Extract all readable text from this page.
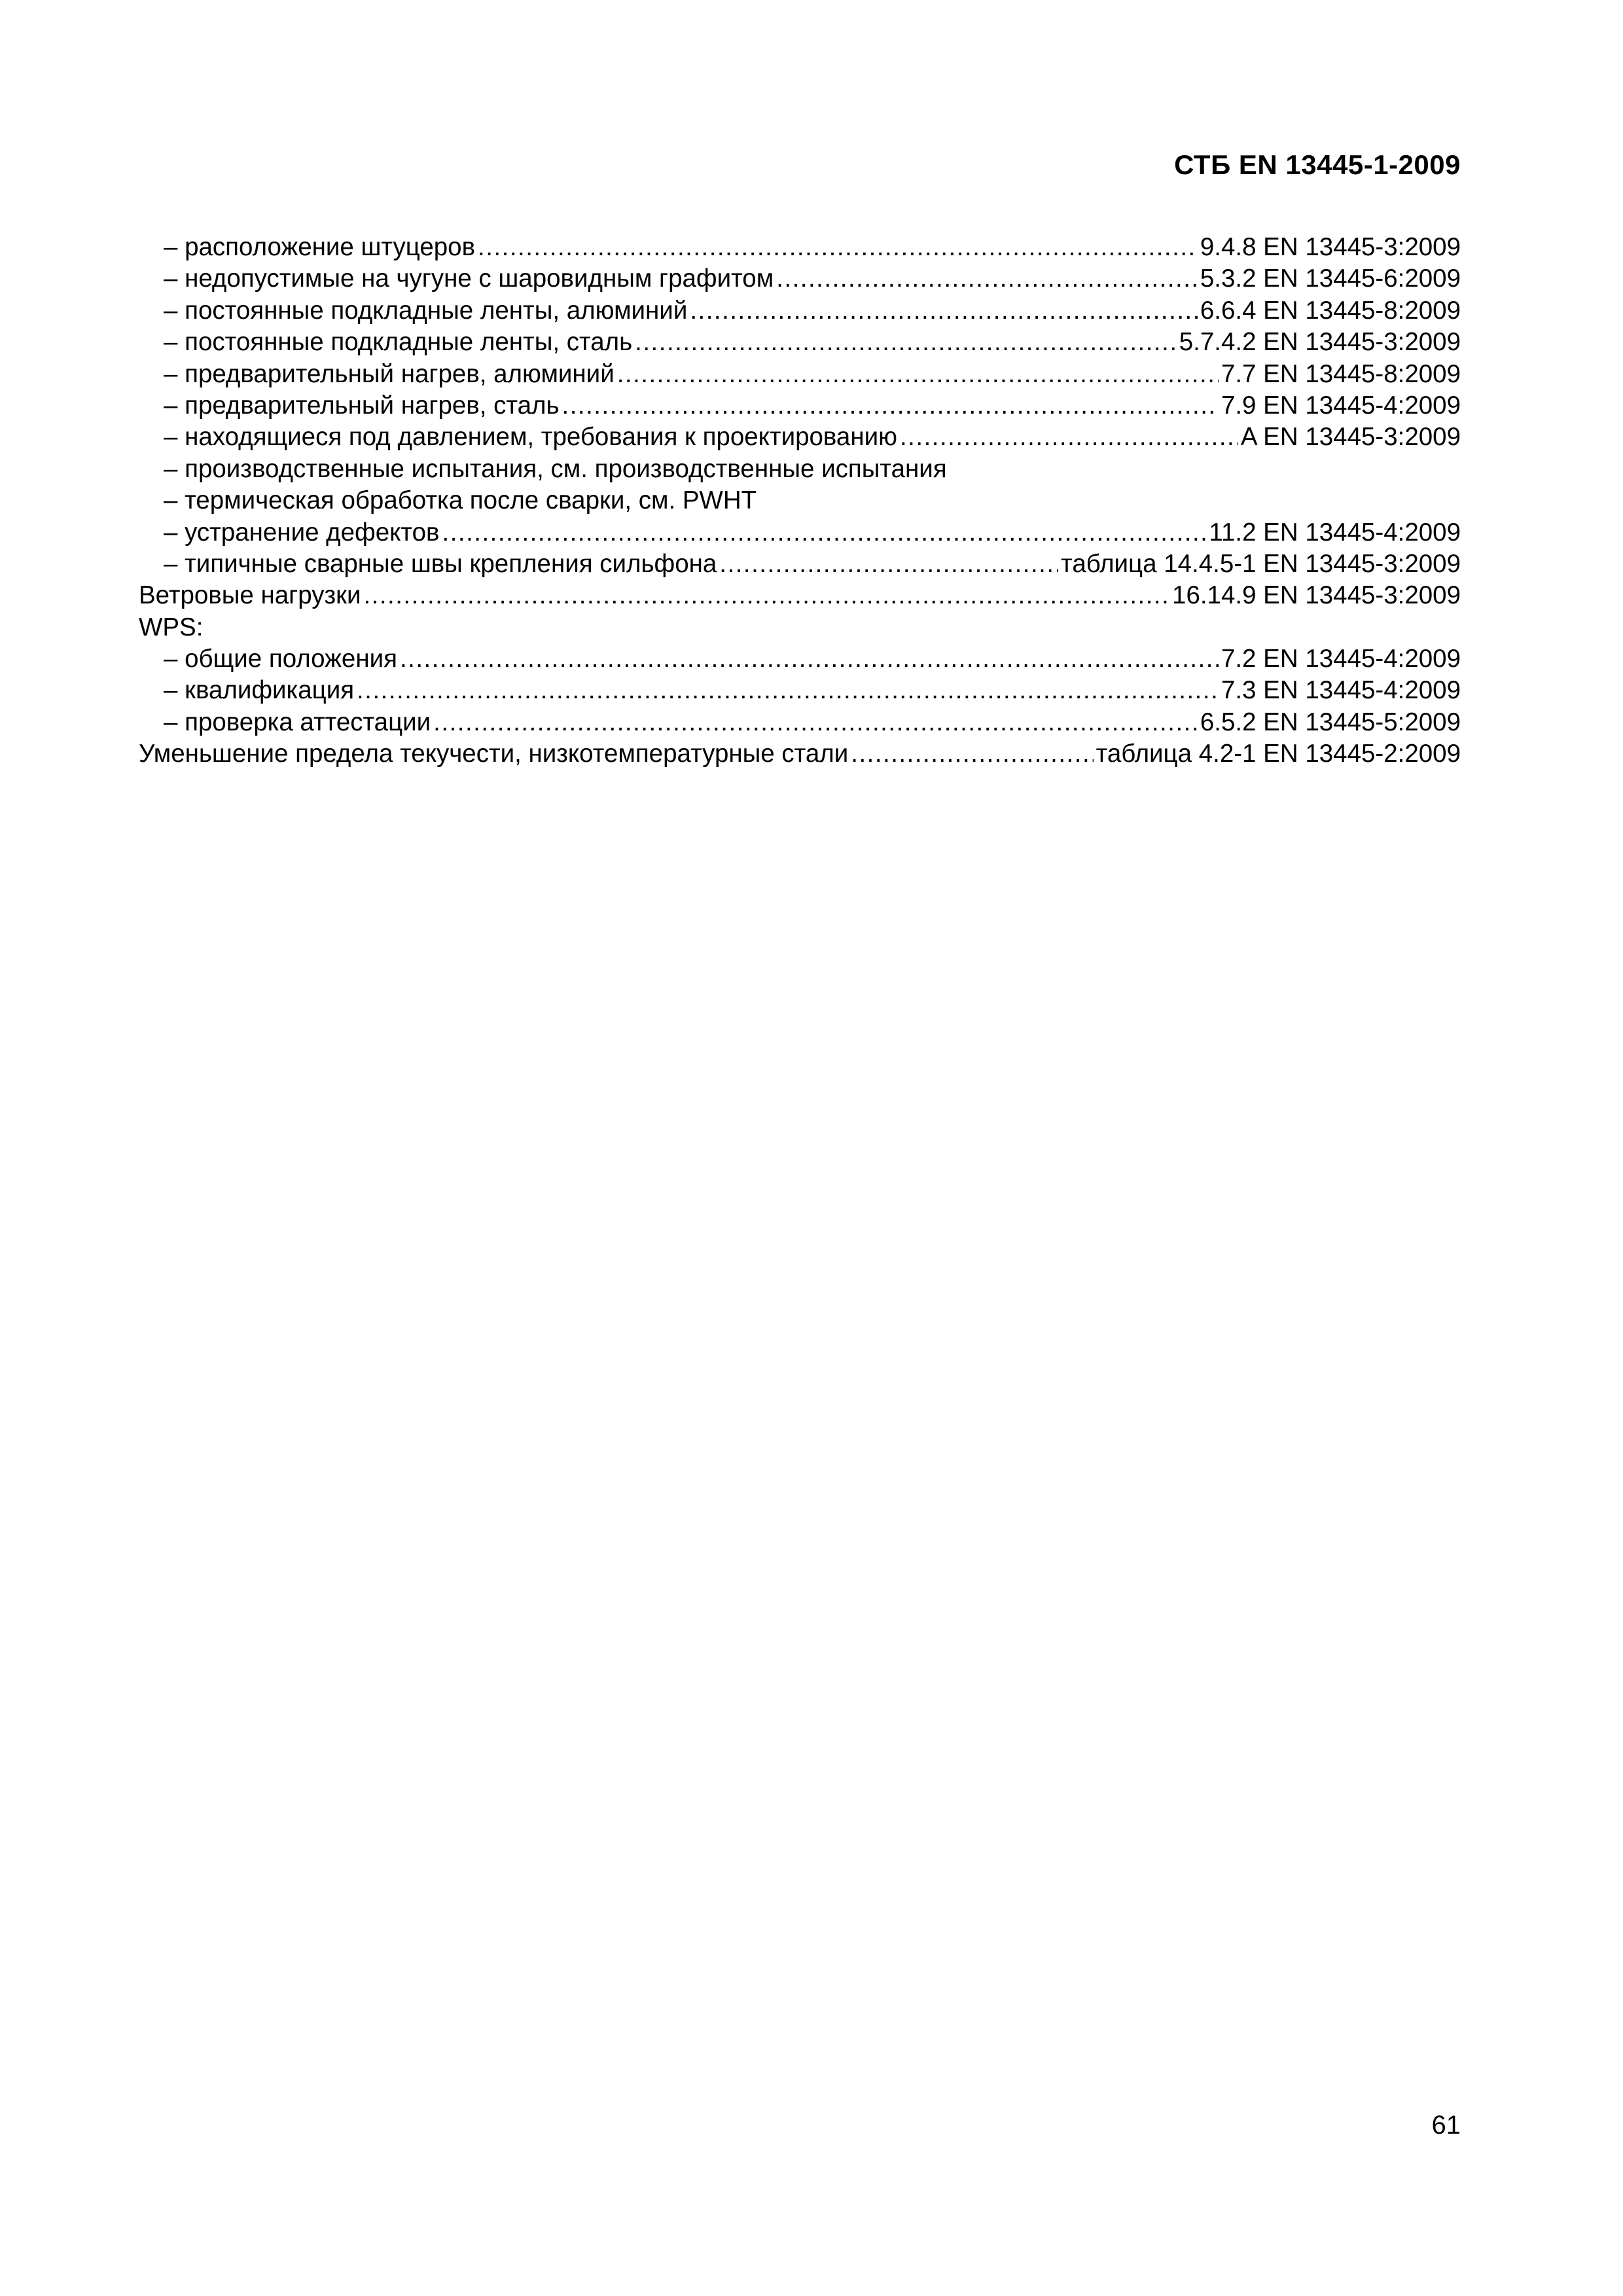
СТБ EN 13445-1-2009
– расположение штуцеров .....	9.4.8 EN 13445-3:2009
– недопустимые на чугуне с шаровидным графитом .....	5.3.2 EN 13445-6:2009
– постоянные подкладные ленты, алюминий .....	6.6.4 EN 13445-8:2009
– постоянные подкладные ленты, сталь .....	5.7.4.2 EN 13445-3:2009
– предварительный нагрев, алюминий .....	7.7 EN 13445-8:2009
– предварительный нагрев, сталь .....	7.9 EN 13445-4:2009
– находящиеся под давлением, требования к проектированию .....	A EN 13445-3:2009
– производственные испытания, см. производственные испытания
– термическая обработка после сварки, см. PWHT
– устранение дефектов .....	11.2 EN 13445-4:2009
– типичные сварные швы крепления сильфона .....	таблица 14.4.5-1 EN 13445-3:2009
Ветровые нагрузки .....	16.14.9 EN 13445-3:2009
WPS:
– общие положения .....	7.2 EN 13445-4:2009
– квалификация .....	7.3 EN 13445-4:2009
– проверка аттестации .....	6.5.2 EN 13445-5:2009
Уменьшение предела текучести, низкотемпературные стали .....	таблица 4.2-1 EN 13445-2:2009
61
